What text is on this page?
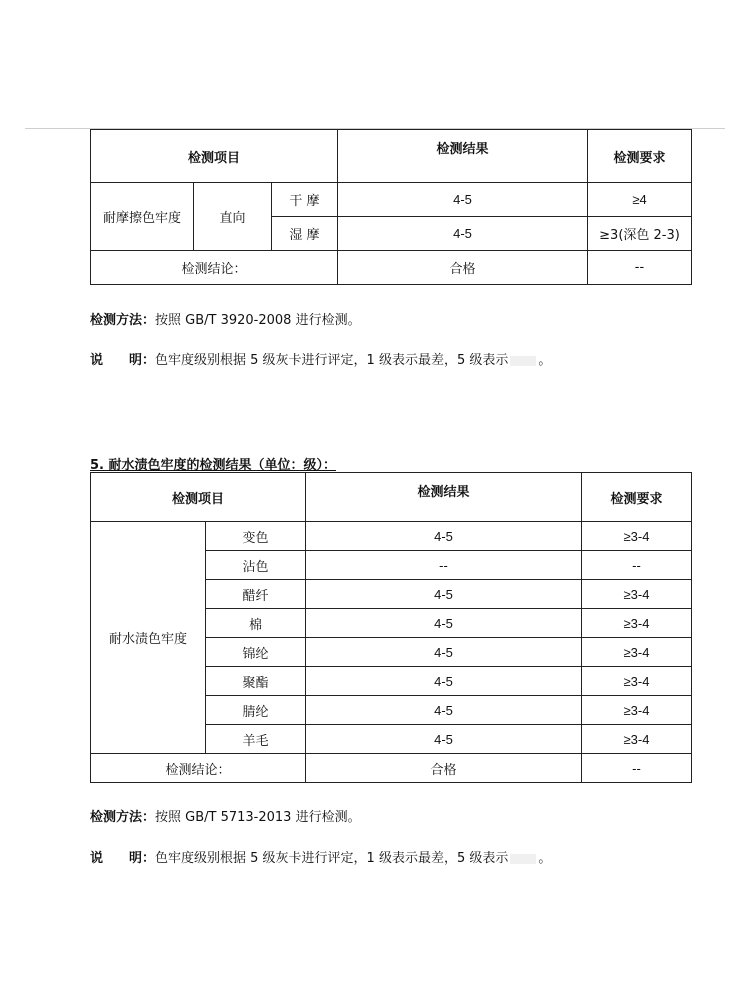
检测项目			检测结果	检测要求
耐摩擦色牢度	直向	干 摩	4-5	≥4
		湿 摩	4-5	≥3(深色 2-3)
检测结论：			合格	--
检测方法：按照 GB/T 3920-2008 进行检测。
说　　明：色牢度级别根据 5 级灰卡进行评定，1 级表示最差，5 级表示 。
5. 耐水渍色牢度的检测结果（单位：级）：
检测项目		检测结果	检测要求
耐水渍色牢度	变色	4-5	≥3-4
	沾色	--	--
	醋纤	4-5	≥3-4
	棉	4-5	≥3-4
	锦纶	4-5	≥3-4
	聚酯	4-5	≥3-4
	腈纶	4-5	≥3-4
	羊毛	4-5	≥3-4
检测结论：		合格	--
检测方法：按照 GB/T 5713-2013 进行检测。
说　　明：色牢度级别根据 5 级灰卡进行评定，1 级表示最差，5 级表示 。
